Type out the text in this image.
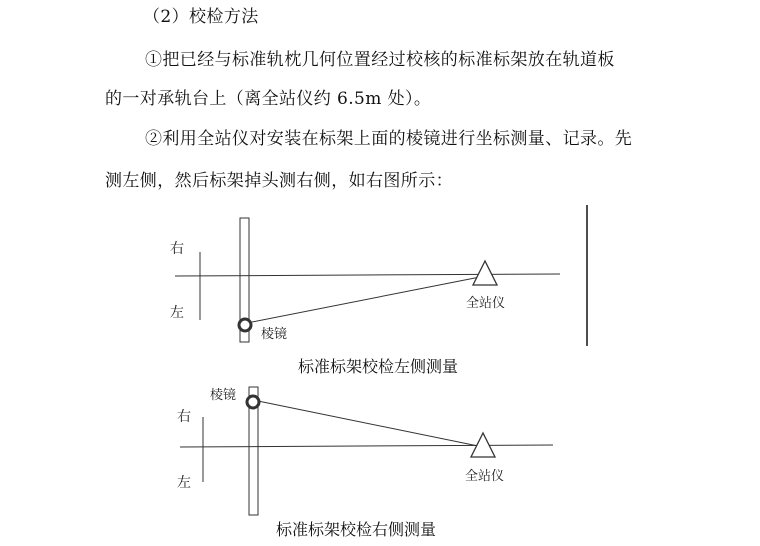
（2）校检方法
①把已经与标准轨枕几何位置经过校核的标准标架放在轨道板
的一对承轨台上（离全站仪约 6.5m 处）。
②利用全站仪对安装在标架上面的棱镜进行坐标测量、记录。先
测左侧，然后标架掉头测右侧，如右图所示：
右
左
棱镜
全站仪
标准标架校检左侧测量
右
左
棱镜
全站仪
标准标架校检右侧测量
